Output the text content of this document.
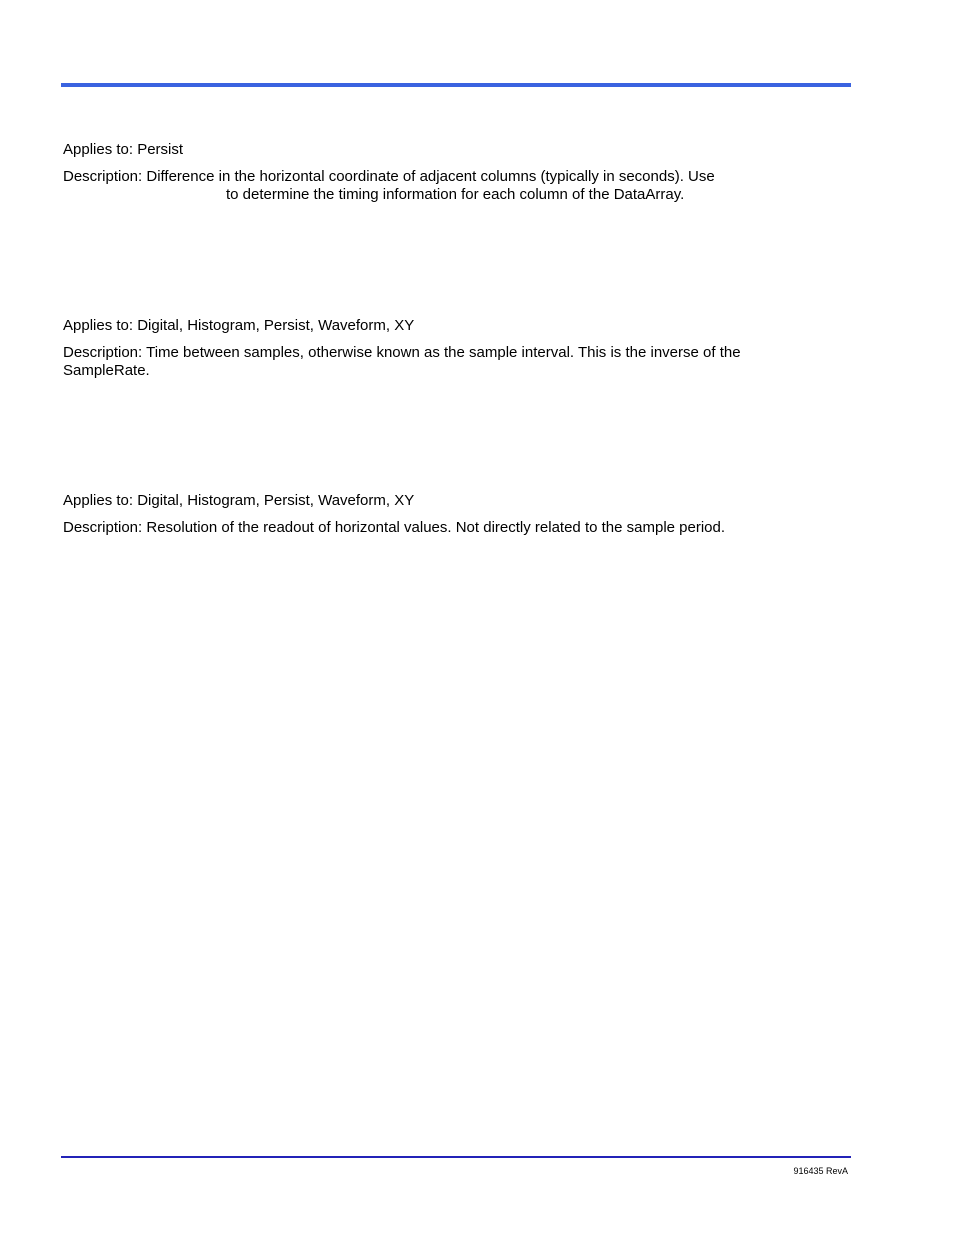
Applies to: Persist

Description: Difference in the horizontal coordinate of adjacent columns (typically in seconds). Use

to determine the timing information for each column of the DataArray.

Applies to: Digital, Histogram, Persist, Waveform, XY

Description: Time between samples, otherwise known as the sample interval. This is the inverse of the

SampleRate.

Applies to: Digital, Histogram, Persist, Waveform, XY

Description: Resolution of the readout of horizontal values. Not directly related to the sample period.

916435 RevA
